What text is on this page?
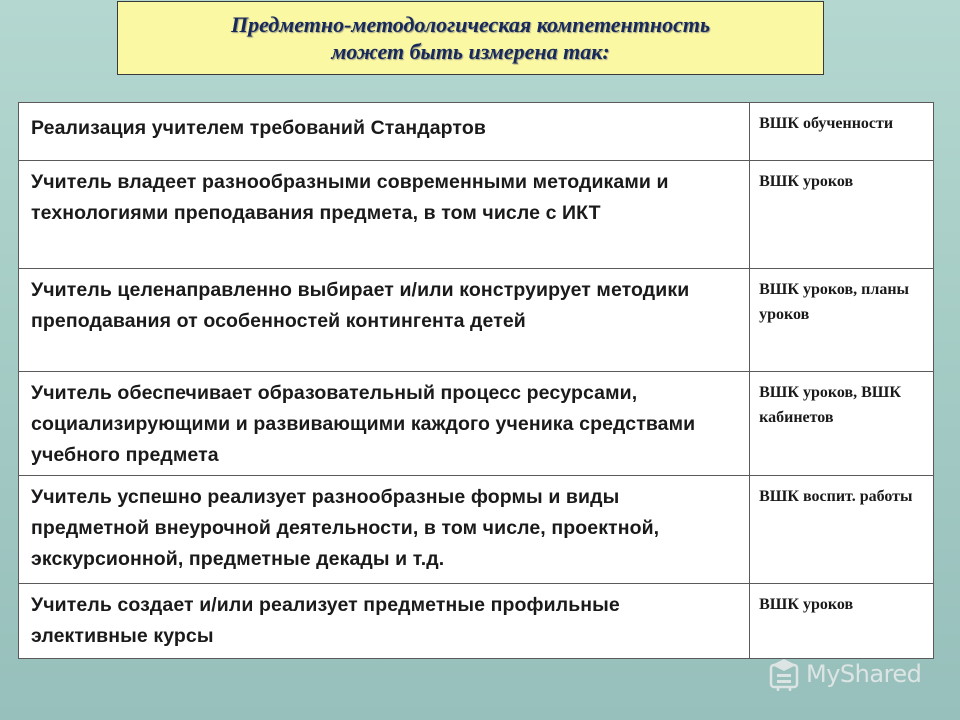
Предметно-методологическая компетентность
может быть измерена так:
Реализация учителем требований Стандартов	ВШК обученности
Учитель владеет разнообразными современными методиками и технологиями преподавания предмета, в том числе с ИКТ	ВШК уроков
Учитель целенаправленно выбирает и/или конструирует методики преподавания от особенностей контингента детей	ВШК уроков, планы уроков
Учитель обеспечивает образовательный процесс ресурсами, социализирующими и развивающими каждого ученика средствами учебного предмета	ВШК уроков, ВШК кабинетов
Учитель успешно реализует разнообразные формы и виды предметной внеурочной деятельности, в том числе, проектной, экскурсионной, предметные декады и т.д.	ВШК воспит. работы
Учитель создает и/или реализует предметные профильные элективные курсы	ВШК уроков
MyShared
